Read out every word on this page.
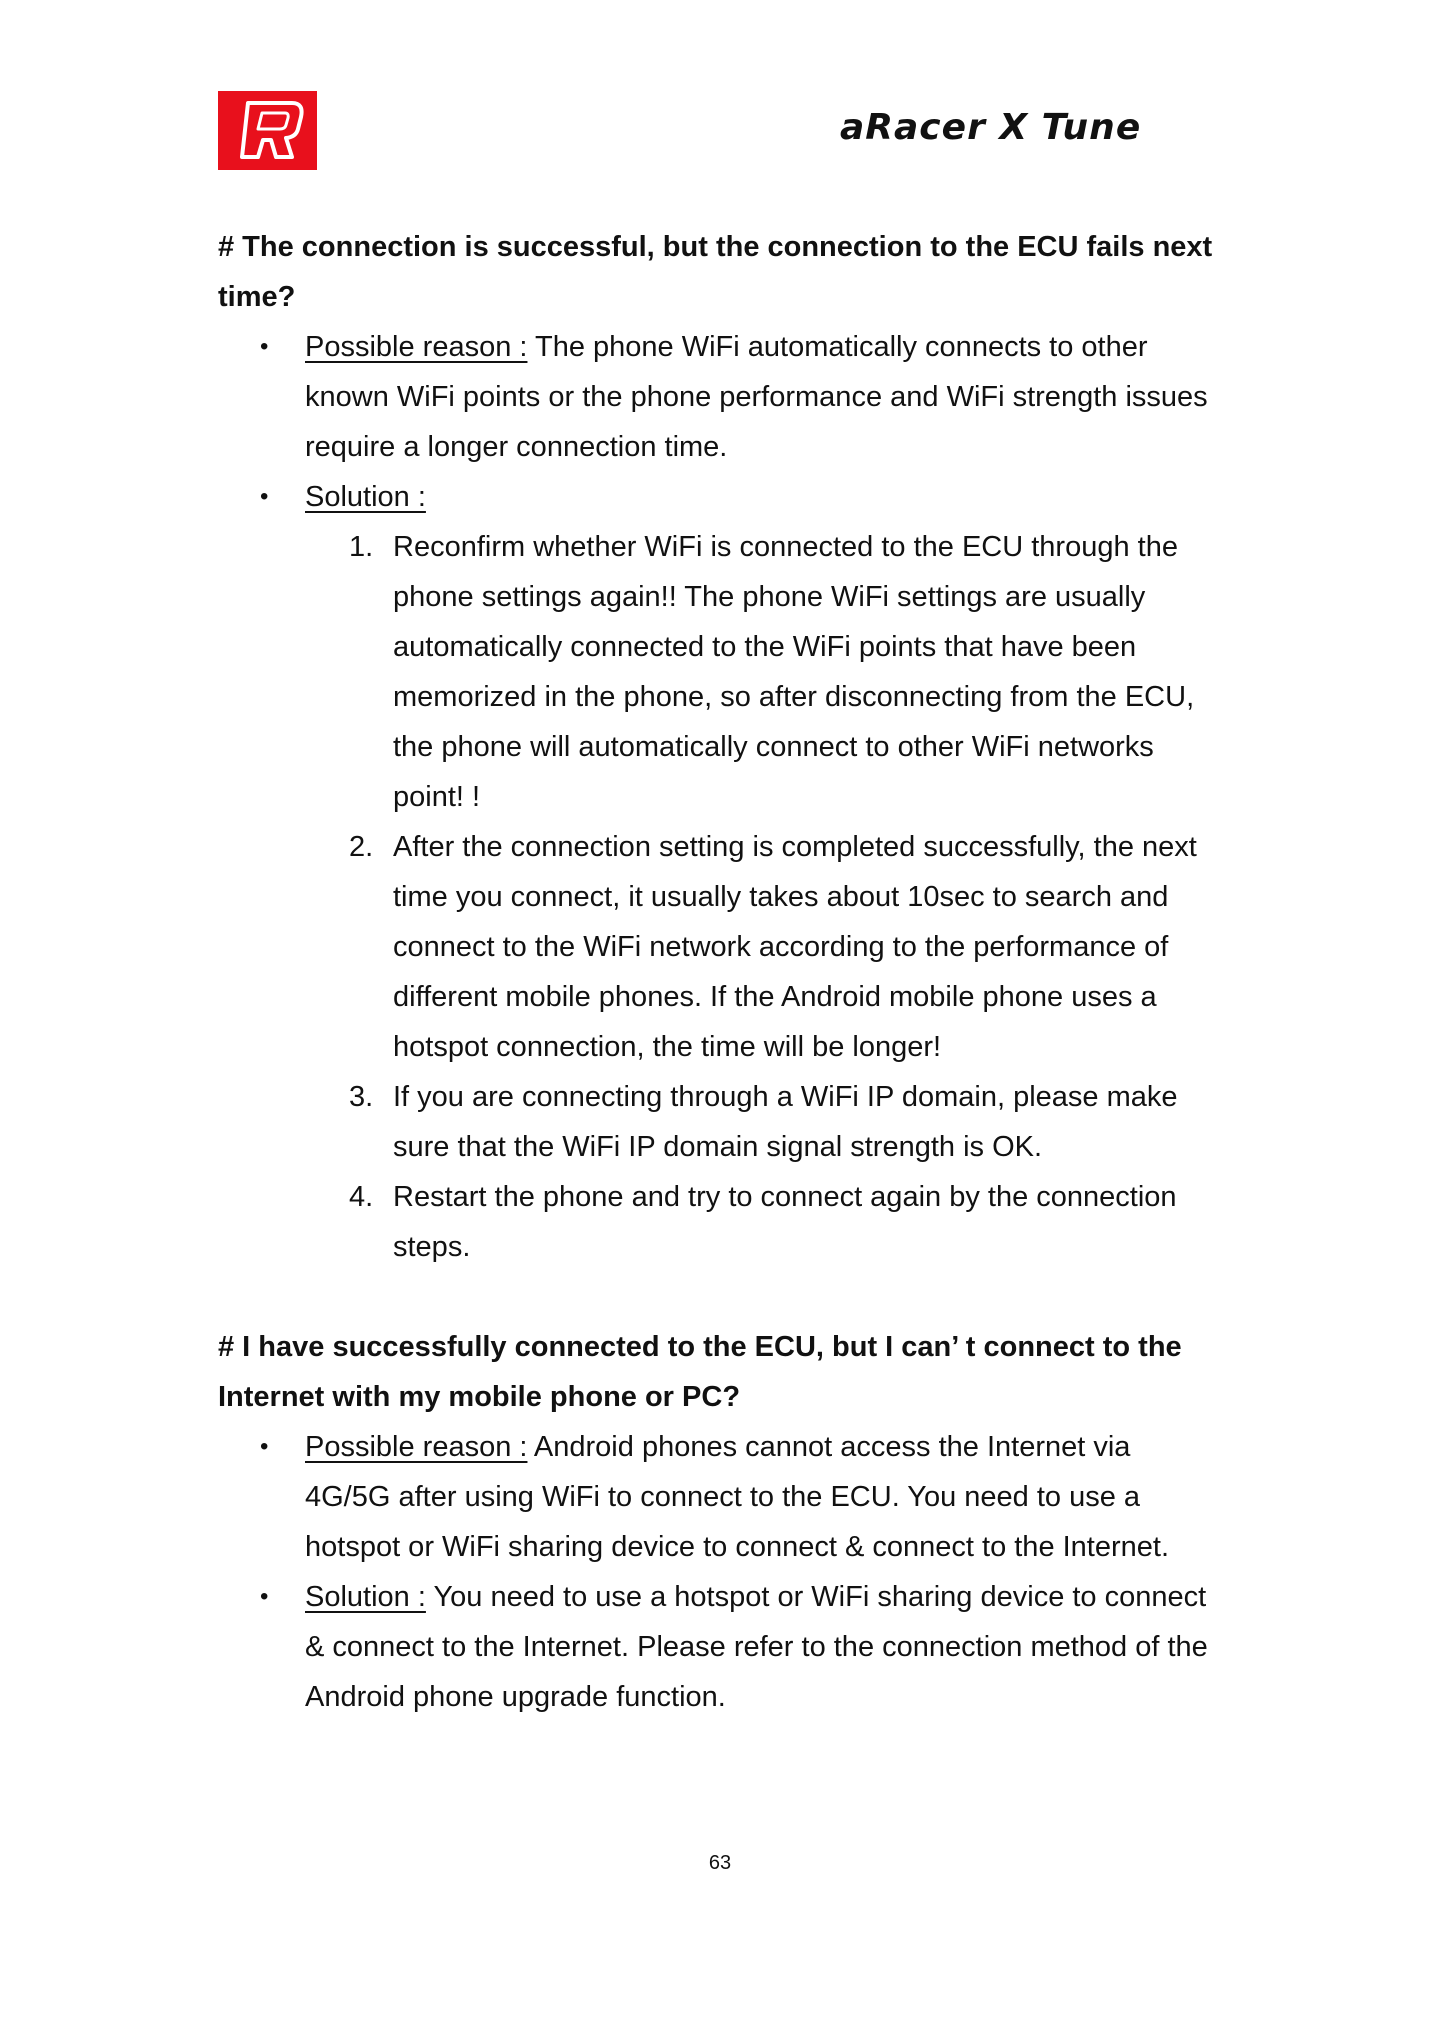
aRacer X Tune

# The connection is successful, but the connection to the ECU fails next time?

• Possible reason : The phone WiFi automatically connects to other known WiFi points or the phone performance and WiFi strength issues require a longer connection time.
• Solution :
1. Reconfirm whether WiFi is connected to the ECU through the phone settings again!! The phone WiFi settings are usually automatically connected to the WiFi points that have been memorized in the phone, so after disconnecting from the ECU, the phone will automatically connect to other WiFi networks point! !
2. After the connection setting is completed successfully, the next time you connect, it usually takes about 10sec to search and connect to the WiFi network according to the performance of different mobile phones. If the Android mobile phone uses a hotspot connection, the time will be longer!
3. If you are connecting through a WiFi IP domain, please make sure that the WiFi IP domain signal strength is OK.
4. Restart the phone and try to connect again by the connection steps.

# I have successfully connected to the ECU, but I can’ t connect to the Internet with my mobile phone or PC?

• Possible reason : Android phones cannot access the Internet via 4G/5G after using WiFi to connect to the ECU. You need to use a hotspot or WiFi sharing device to connect & connect to the Internet.
• Solution : You need to use a hotspot or WiFi sharing device to connect & connect to the Internet. Please refer to the connection method of the Android phone upgrade function.
63
